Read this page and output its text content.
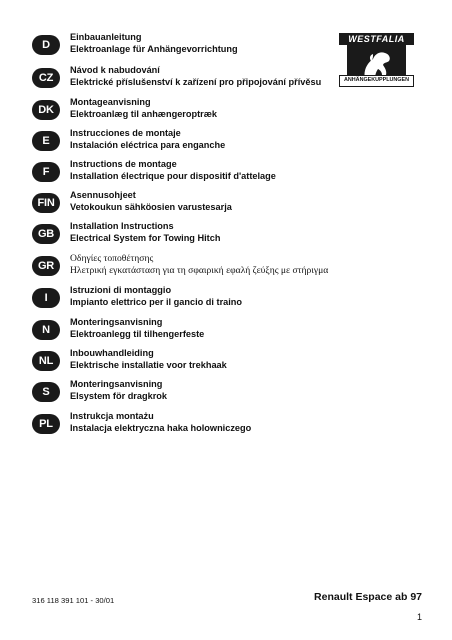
D
Einbauanleitung
Elektroanlage für Anhängevorrichtung
CZ
Návod k nabudování
Elektrické příslušenství k zařízení pro připojování přívěsu
DK
Montageanvisning
Elektroanlæg til anhængeroptræk
E
Instrucciones de montaje
Instalación eléctrica para enganche
F
Instructions de montage
Installation électrique pour dispositif d'attelage
FIN
Asennusohjeet
Vetokoukun sähköosien varustesarja
GB
Installation Instructions
Electrical System for Towing Hitch
GR
Οδηγίες τοποθέτησης
Ηλετρική εγκατάσταση για τη σφαιρική εφαλή ζεύξης με στήριγμα
I
Istruzioni di montaggio
Impianto elettrico per il gancio di traino
N
Monteringsanvisning
Elektroanlegg til tilhengerfeste
NL
Inbouwhandleiding
Elektrische installatie voor trekhaak
S
Monteringsanvisning
Elsystem för dragkrok
PL
Instrukcja montażu
Instalacja elektryczna haka holowniczego
WESTFALIA
ANHÄNGEKUPPLUNGEN
316 118 391 101 - 30/01	Renault Espace ab 97
1
